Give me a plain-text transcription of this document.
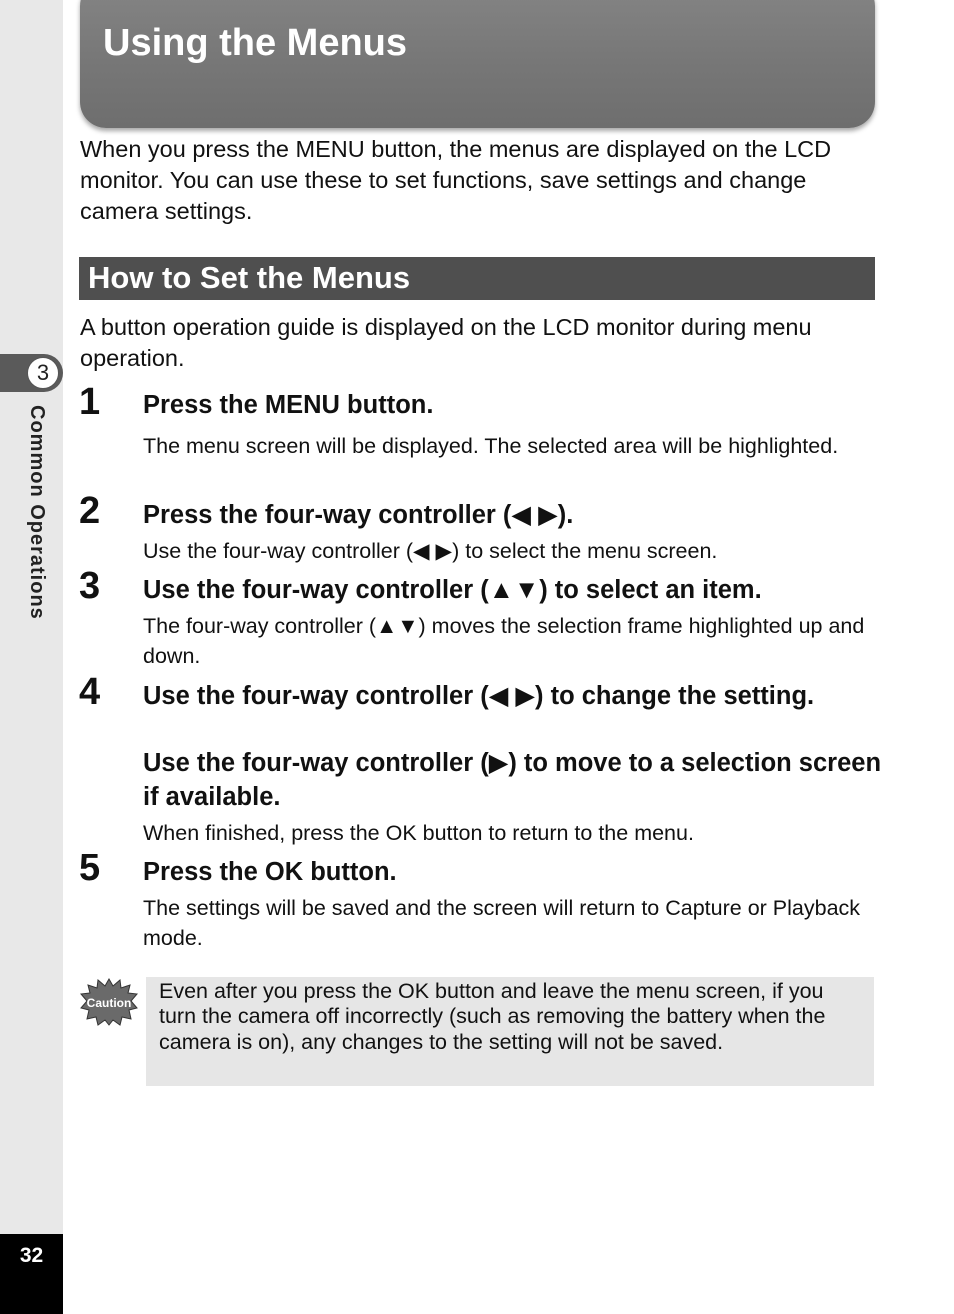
3
Common Operations
32
Using the Menus

When you press the MENU button, the menus are displayed on the LCD monitor. You can use these to set functions, save settings and change camera settings.

How to Set the Menus

A button operation guide is displayed on the LCD monitor during menu operation.

1 Press the MENU button.

The menu screen will be displayed. The selected area will be highlighted.

2 Press the four-way controller (◀ ▶).

Use the four-way controller (◀ ▶) to select the menu screen.

3 Use the four-way controller (▲▼) to select an item.

The four-way controller (▲▼) moves the selection frame highlighted up and down.

4 Use the four-way controller (◀ ▶) to change the setting.

Use the four-way controller (▶) to move to a selection screen if available.

When finished, press the OK button to return to the menu.

5 Press the OK button.

The settings will be saved and the screen will return to Capture or Playback mode.

Caution Even after you press the OK button and leave the menu screen, if you turn the camera off incorrectly (such as removing the battery when the camera is on), any changes to the setting will not be saved.
